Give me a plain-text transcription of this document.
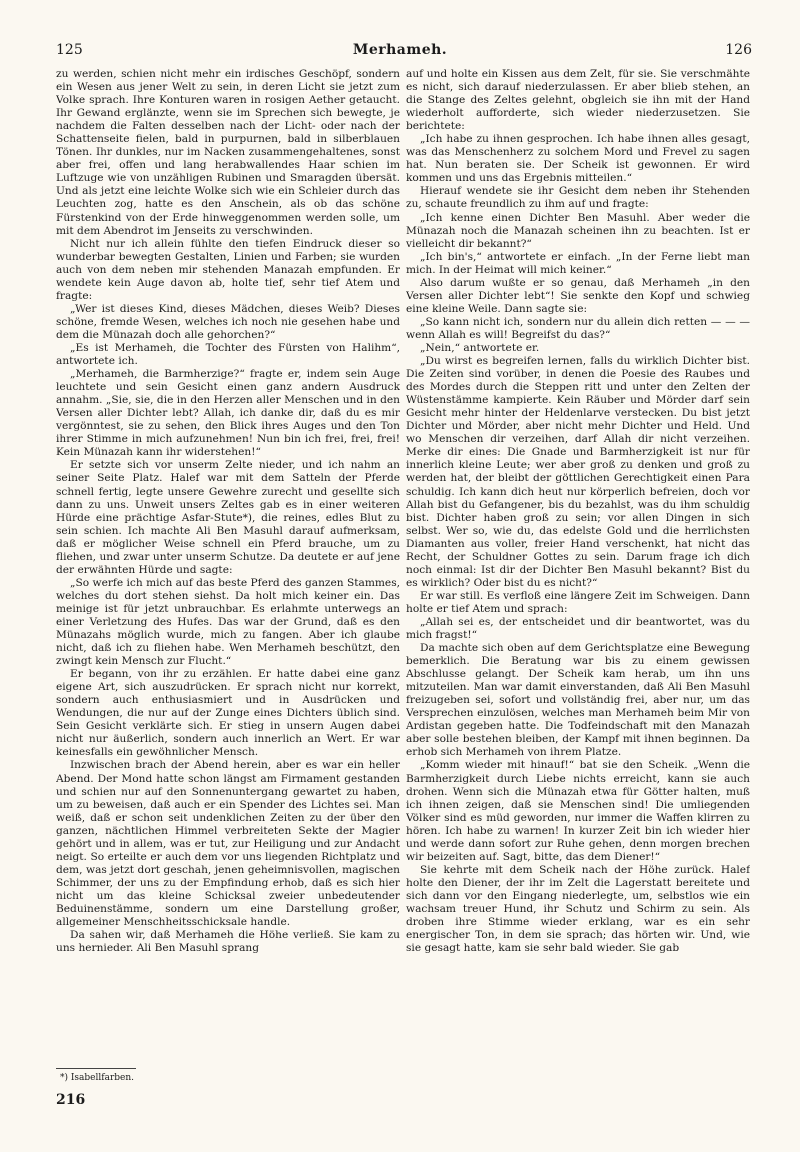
125	Merhameh.	126

zu werden, schien nicht mehr ein irdisches Geschöpf, sondern ein Wesen aus jener Welt zu sein, in deren Licht sie jetzt zum Volke sprach. Ihre Konturen waren in rosigen Aether getaucht. Ihr Gewand erglänzte, wenn sie im Sprechen sich bewegte, je nachdem die Falten desselben nach der Licht- oder nach der Schattenseite fielen, bald in purpurnen, bald in silberblauen Tönen. Ihr dunkles, nur im Nacken zusammengehaltenes, sonst aber frei, offen und lang herabwallendes Haar schien im Luftzuge wie von unzähligen Rubinen und Smaragden übersät. Und als jetzt eine leichte Wolke sich wie ein Schleier durch das Leuchten zog, hatte es den Anschein, als ob das schöne Fürstenkind von der Erde hinweggenommen werden solle, um mit dem Abendrot im Jenseits zu verschwinden.

Nicht nur ich allein fühlte den tiefen Eindruck dieser so wunderbar bewegten Gestalten, Linien und Farben; sie wurden auch von dem neben mir stehenden Manazah empfunden. Er wendete kein Auge davon ab, holte tief, sehr tief Atem und fragte:

„Wer ist dieses Kind, dieses Mädchen, dieses Weib? Dieses schöne, fremde Wesen, welches ich noch nie gesehen habe und dem die Münazah doch alle gehorchen?“

„Es ist Merhameh, die Tochter des Fürsten von Halihm“, antwortete ich.

„Merhameh, die Barmherzige?“ fragte er, indem sein Auge leuchtete und sein Gesicht einen ganz andern Ausdruck annahm. „Sie, sie, die in den Herzen aller Menschen und in den Versen aller Dichter lebt? Allah, ich danke dir, daß du es mir vergönntest, sie zu sehen, den Blick ihres Auges und den Ton ihrer Stimme in mich aufzunehmen! Nun bin ich frei, frei, frei! Kein Münazah kann ihr widerstehen!“

Er setzte sich vor unserm Zelte nieder, und ich nahm an seiner Seite Platz. Halef war mit dem Satteln der Pferde schnell fertig, legte unsere Gewehre zurecht und gesellte sich dann zu uns. Unweit unsers Zeltes gab es in einer weiteren Hürde eine prächtige Asfar-Stute*), die reines, edles Blut zu sein schien. Ich machte Ali Ben Masuhl darauf aufmerksam, daß er möglicher Weise schnell ein Pferd brauche, um zu fliehen, und zwar unter unserm Schutze. Da deutete er auf jene der erwähnten Hürde und sagte:

„So werfe ich mich auf das beste Pferd des ganzen Stammes, welches du dort stehen siehst. Da holt mich keiner ein. Das meinige ist für jetzt unbrauchbar. Es erlahmte unterwegs an einer Verletzung des Hufes. Das war der Grund, daß es den Münazahs möglich wurde, mich zu fangen. Aber ich glaube nicht, daß ich zu fliehen habe. Wen Merhameh beschützt, den zwingt kein Mensch zur Flucht.“

Er begann, von ihr zu erzählen. Er hatte dabei eine ganz eigene Art, sich auszudrücken. Er sprach nicht nur korrekt, sondern auch enthusiasmiert und in Ausdrücken und Wendungen, die nur auf der Zunge eines Dichters üblich sind. Sein Gesicht verklärte sich. Er stieg in unsern Augen dabei nicht nur äußerlich, sondern auch innerlich an Wert. Er war keinesfalls ein gewöhnlicher Mensch.

Inzwischen brach der Abend herein, aber es war ein heller Abend. Der Mond hatte schon längst am Firmament gestanden und schien nur auf den Sonnenuntergang gewartet zu haben, um zu beweisen, daß auch er ein Spender des Lichtes sei. Man weiß, daß er schon seit undenklichen Zeiten zu der über den ganzen, nächtlichen Himmel verbreiteten Sekte der Magier gehört und in allem, was er tut, zur Heiligung und zur Andacht neigt. So erteilte er auch dem vor uns liegenden Richtplatz und dem, was jetzt dort geschah, jenen geheimnisvollen, magischen Schimmer, der uns zu der Empfindung erhob, daß es sich hier nicht um das kleine Schicksal zweier unbedeutender Beduinenstämme, sondern um eine Darstellung großer, allgemeiner Menschheitsschicksale handle.

Da sahen wir, daß Merhameh die Höhe verließ. Sie kam zu uns hernieder. Ali Ben Masuhl sprang

auf und holte ein Kissen aus dem Zelt, für sie. Sie verschmähte es nicht, sich darauf niederzulassen. Er aber blieb stehen, an die Stange des Zeltes gelehnt, obgleich sie ihn mit der Hand wiederholt aufforderte, sich wieder niederzusetzen. Sie berichtete:

„Ich habe zu ihnen gesprochen. Ich habe ihnen alles gesagt, was das Menschenherz zu solchem Mord und Frevel zu sagen hat. Nun beraten sie. Der Scheik ist gewonnen. Er wird kommen und uns das Ergebnis mitteilen.“

Hierauf wendete sie ihr Gesicht dem neben ihr Stehenden zu, schaute freundlich zu ihm auf und fragte:

„Ich kenne einen Dichter Ben Masuhl. Aber weder die Münazah noch die Manazah scheinen ihn zu beachten. Ist er vielleicht dir bekannt?“

„Ich bin's,“ antwortete er einfach. „In der Ferne liebt man mich. In der Heimat will mich keiner.“

Also darum wußte er so genau, daß Merhameh „in den Versen aller Dichter lebt“! Sie senkte den Kopf und schwieg eine kleine Weile. Dann sagte sie:

„So kann nicht ich, sondern nur du allein dich retten — — — wenn Allah es will! Begreifst du das?“

„Nein,“ antwortete er.

„Du wirst es begreifen lernen, falls du wirklich Dichter bist. Die Zeiten sind vorüber, in denen die Poesie des Raubes und des Mordes durch die Steppen ritt und unter den Zelten der Wüstenstämme kampierte. Kein Räuber und Mörder darf sein Gesicht mehr hinter der Heldenlarve verstecken. Du bist jetzt Dichter und Mörder, aber nicht mehr Dichter und Held. Und wo Menschen dir verzeihen, darf Allah dir nicht verzeihen. Merke dir eines: Die Gnade und Barmherzigkeit ist nur für innerlich kleine Leute; wer aber groß zu denken und groß zu werden hat, der bleibt der göttlichen Gerechtigkeit einen Para schuldig. Ich kann dich heut nur körperlich befreien, doch vor Allah bist du Gefangener, bis du bezahlst, was du ihm schuldig bist. Dichter haben groß zu sein; vor allen Dingen in sich selbst. Wer so, wie du, das edelste Gold und die herrlichsten Diamanten aus voller, freier Hand verschenkt, hat nicht das Recht, der Schuldner Gottes zu sein. Darum frage ich dich noch einmal: Ist dir der Dichter Ben Masuhl bekannt? Bist du es wirklich? Oder bist du es nicht?“

Er war still. Es verfloß eine längere Zeit im Schweigen. Dann holte er tief Atem und sprach:

„Allah sei es, der entscheidet und dir beantwortet, was du mich fragst!“

Da machte sich oben auf dem Gerichtsplatze eine Bewegung bemerklich. Die Beratung war bis zu einem gewissen Abschlusse gelangt. Der Scheik kam herab, um ihn uns mitzuteilen. Man war damit einverstanden, daß Ali Ben Masuhl freizugeben sei, sofort und vollständig frei, aber nur, um das Versprechen einzulösen, welches man Merhameh beim Mir von Ardistan gegeben hatte. Die Todfeindschaft mit den Manazah aber solle bestehen bleiben, der Kampf mit ihnen beginnen. Da erhob sich Merhameh von ihrem Platze.

„Komm wieder mit hinauf!“ bat sie den Scheik. „Wenn die Barmherzigkeit durch Liebe nichts erreicht, kann sie auch drohen. Wenn sich die Münazah etwa für Götter halten, muß ich ihnen zeigen, daß sie Menschen sind! Die umliegenden Völker sind es müd geworden, nur immer die Waffen klirren zu hören. Ich habe zu warnen! In kurzer Zeit bin ich wieder hier und werde dann sofort zur Ruhe gehen, denn morgen brechen wir beizeiten auf. Sagt, bitte, das dem Diener!“

Sie kehrte mit dem Scheik nach der Höhe zurück. Halef holte den Diener, der ihr im Zelt die Lagerstatt bereitete und sich dann vor den Eingang niederlegte, um, selbstlos wie ein wachsam treuer Hund, ihr Schutz und Schirm zu sein. Als droben ihre Stimme wieder erklang, war es ein sehr energischer Ton, in dem sie sprach; das hörten wir. Und, wie sie gesagt hatte, kam sie sehr bald wieder. Sie gab

*) Isabellfarben.
216
